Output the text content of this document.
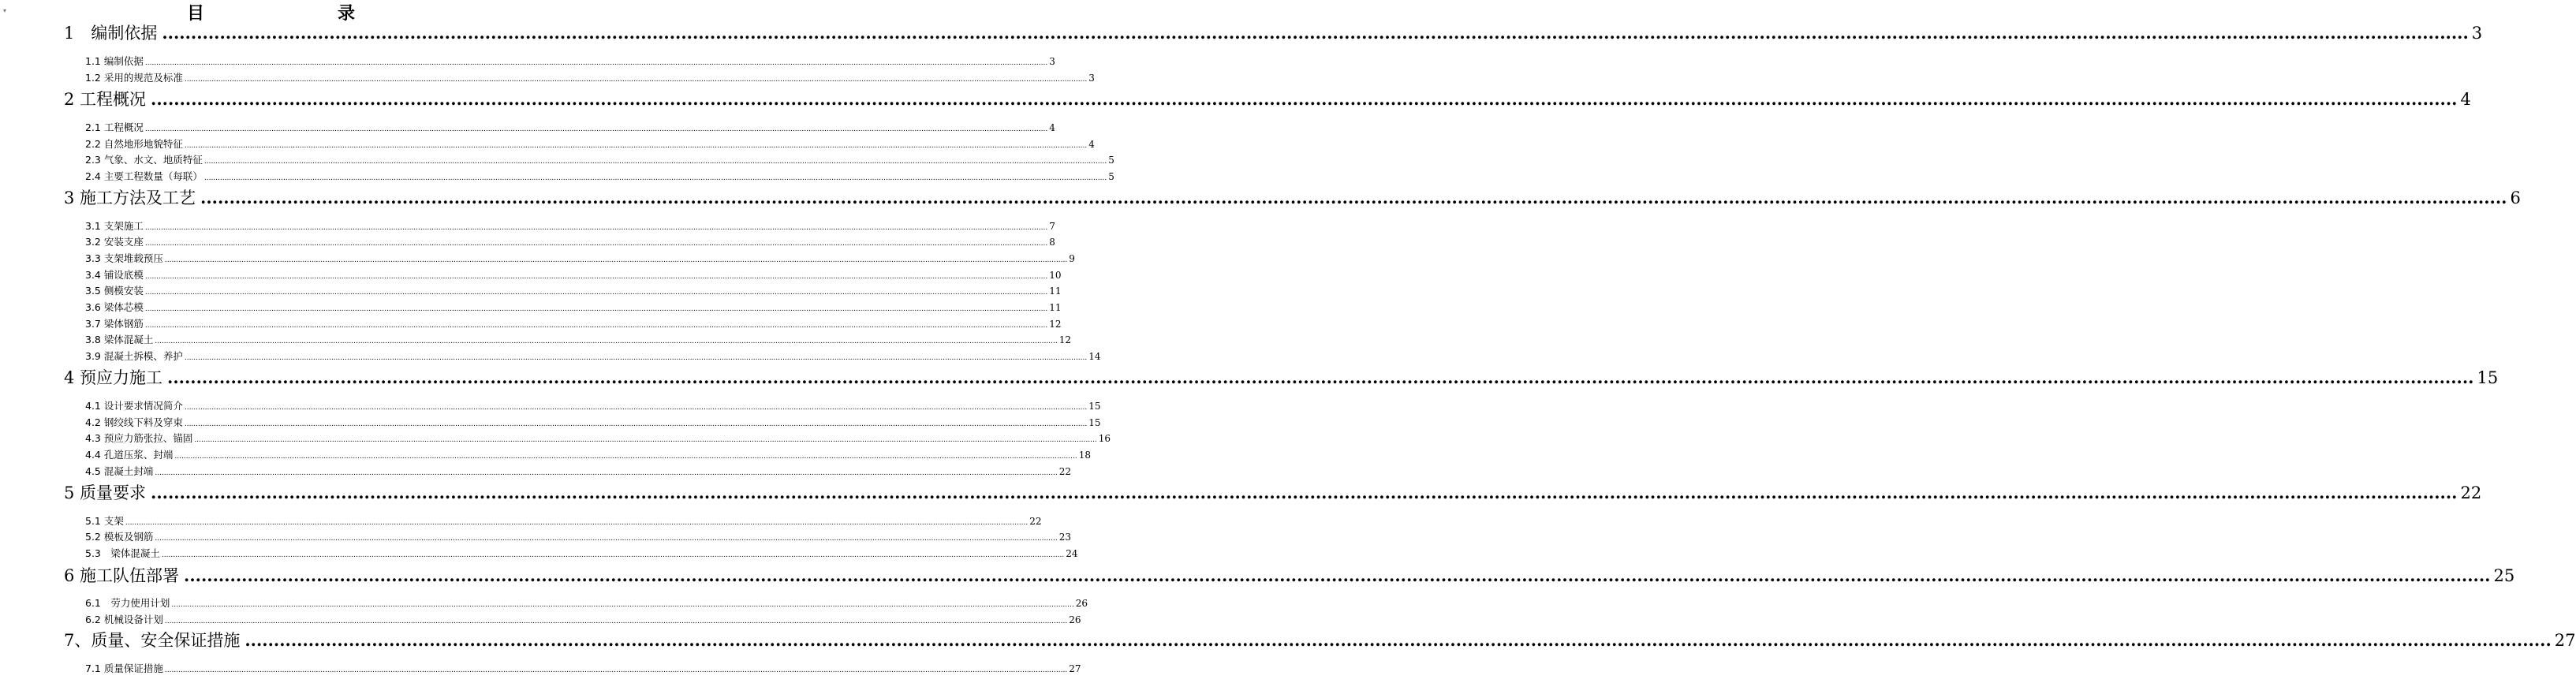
▾	目	录
1　编制依据 ................................................................................................................................................................................................................................................................................................................................................................................................................ 3
1.1 编制依据 ................................................................................................................................................................................................................................................................................................................................................................................................................ 3
1.2 采用的规范及标准 ................................................................................................................................................................................................................................................................................................................................................................................................................ 3
2 工程概况 ................................................................................................................................................................................................................................................................................................................................................................................................................ 4
2.1 工程概况 ................................................................................................................................................................................................................................................................................................................................................................................................................ 4
2.2 自然地形地貌特征 ................................................................................................................................................................................................................................................................................................................................................................................................................ 4
2.3 气象、水文、地质特征 ................................................................................................................................................................................................................................................................................................................................................................................................................ 5
2.4 主要工程数量（每联） ................................................................................................................................................................................................................................................................................................................................................................................................................ 5
3 施工方法及工艺 ................................................................................................................................................................................................................................................................................................................................................................................................................ 6
3.1 支架施工 ................................................................................................................................................................................................................................................................................................................................................................................................................ 7
3.2 安装支座 ................................................................................................................................................................................................................................................................................................................................................................................................................ 8
3.3 支架堆载预压 ................................................................................................................................................................................................................................................................................................................................................................................................................ 9
3.4 铺设底模 ................................................................................................................................................................................................................................................................................................................................................................................................................ 10
3.5 侧模安装 ................................................................................................................................................................................................................................................................................................................................................................................................................ 11
3.6 梁体芯模 ................................................................................................................................................................................................................................................................................................................................................................................................................ 11
3.7 梁体钢筋 ................................................................................................................................................................................................................................................................................................................................................................................................................ 12
3.8 梁体混凝土 ................................................................................................................................................................................................................................................................................................................................................................................................................ 12
3.9 混凝土拆模、养护 ................................................................................................................................................................................................................................................................................................................................................................................................................ 14
4 预应力施工 ................................................................................................................................................................................................................................................................................................................................................................................................................ 15
4.1 设计要求情况简介 ................................................................................................................................................................................................................................................................................................................................................................................................................ 15
4.2 钢绞线下料及穿束 ................................................................................................................................................................................................................................................................................................................................................................................................................ 15
4.3 预应力筋张拉、锚固 ................................................................................................................................................................................................................................................................................................................................................................................................................ 16
4.4 孔道压浆、封端 ................................................................................................................................................................................................................................................................................................................................................................................................................ 18
4.5 混凝土封端 ................................................................................................................................................................................................................................................................................................................................................................................................................ 22
5 质量要求 ................................................................................................................................................................................................................................................................................................................................................................................................................ 22
5.1 支架 ................................................................................................................................................................................................................................................................................................................................................................................................................ 22
5.2 模板及钢筋 ................................................................................................................................................................................................................................................................................................................................................................................................................ 23
5.3　梁体混凝土 ................................................................................................................................................................................................................................................................................................................................................................................................................ 24
6 施工队伍部署 ................................................................................................................................................................................................................................................................................................................................................................................................................ 25
6.1　劳力使用计划 ................................................................................................................................................................................................................................................................................................................................................................................................................ 26
6.2 机械设备计划 ................................................................................................................................................................................................................................................................................................................................................................................................................ 26
7、质量、安全保证措施 ................................................................................................................................................................................................................................................................................................................................................................................................................ 27
7.1 质量保证措施 ................................................................................................................................................................................................................................................................................................................................................................................................................ 27
